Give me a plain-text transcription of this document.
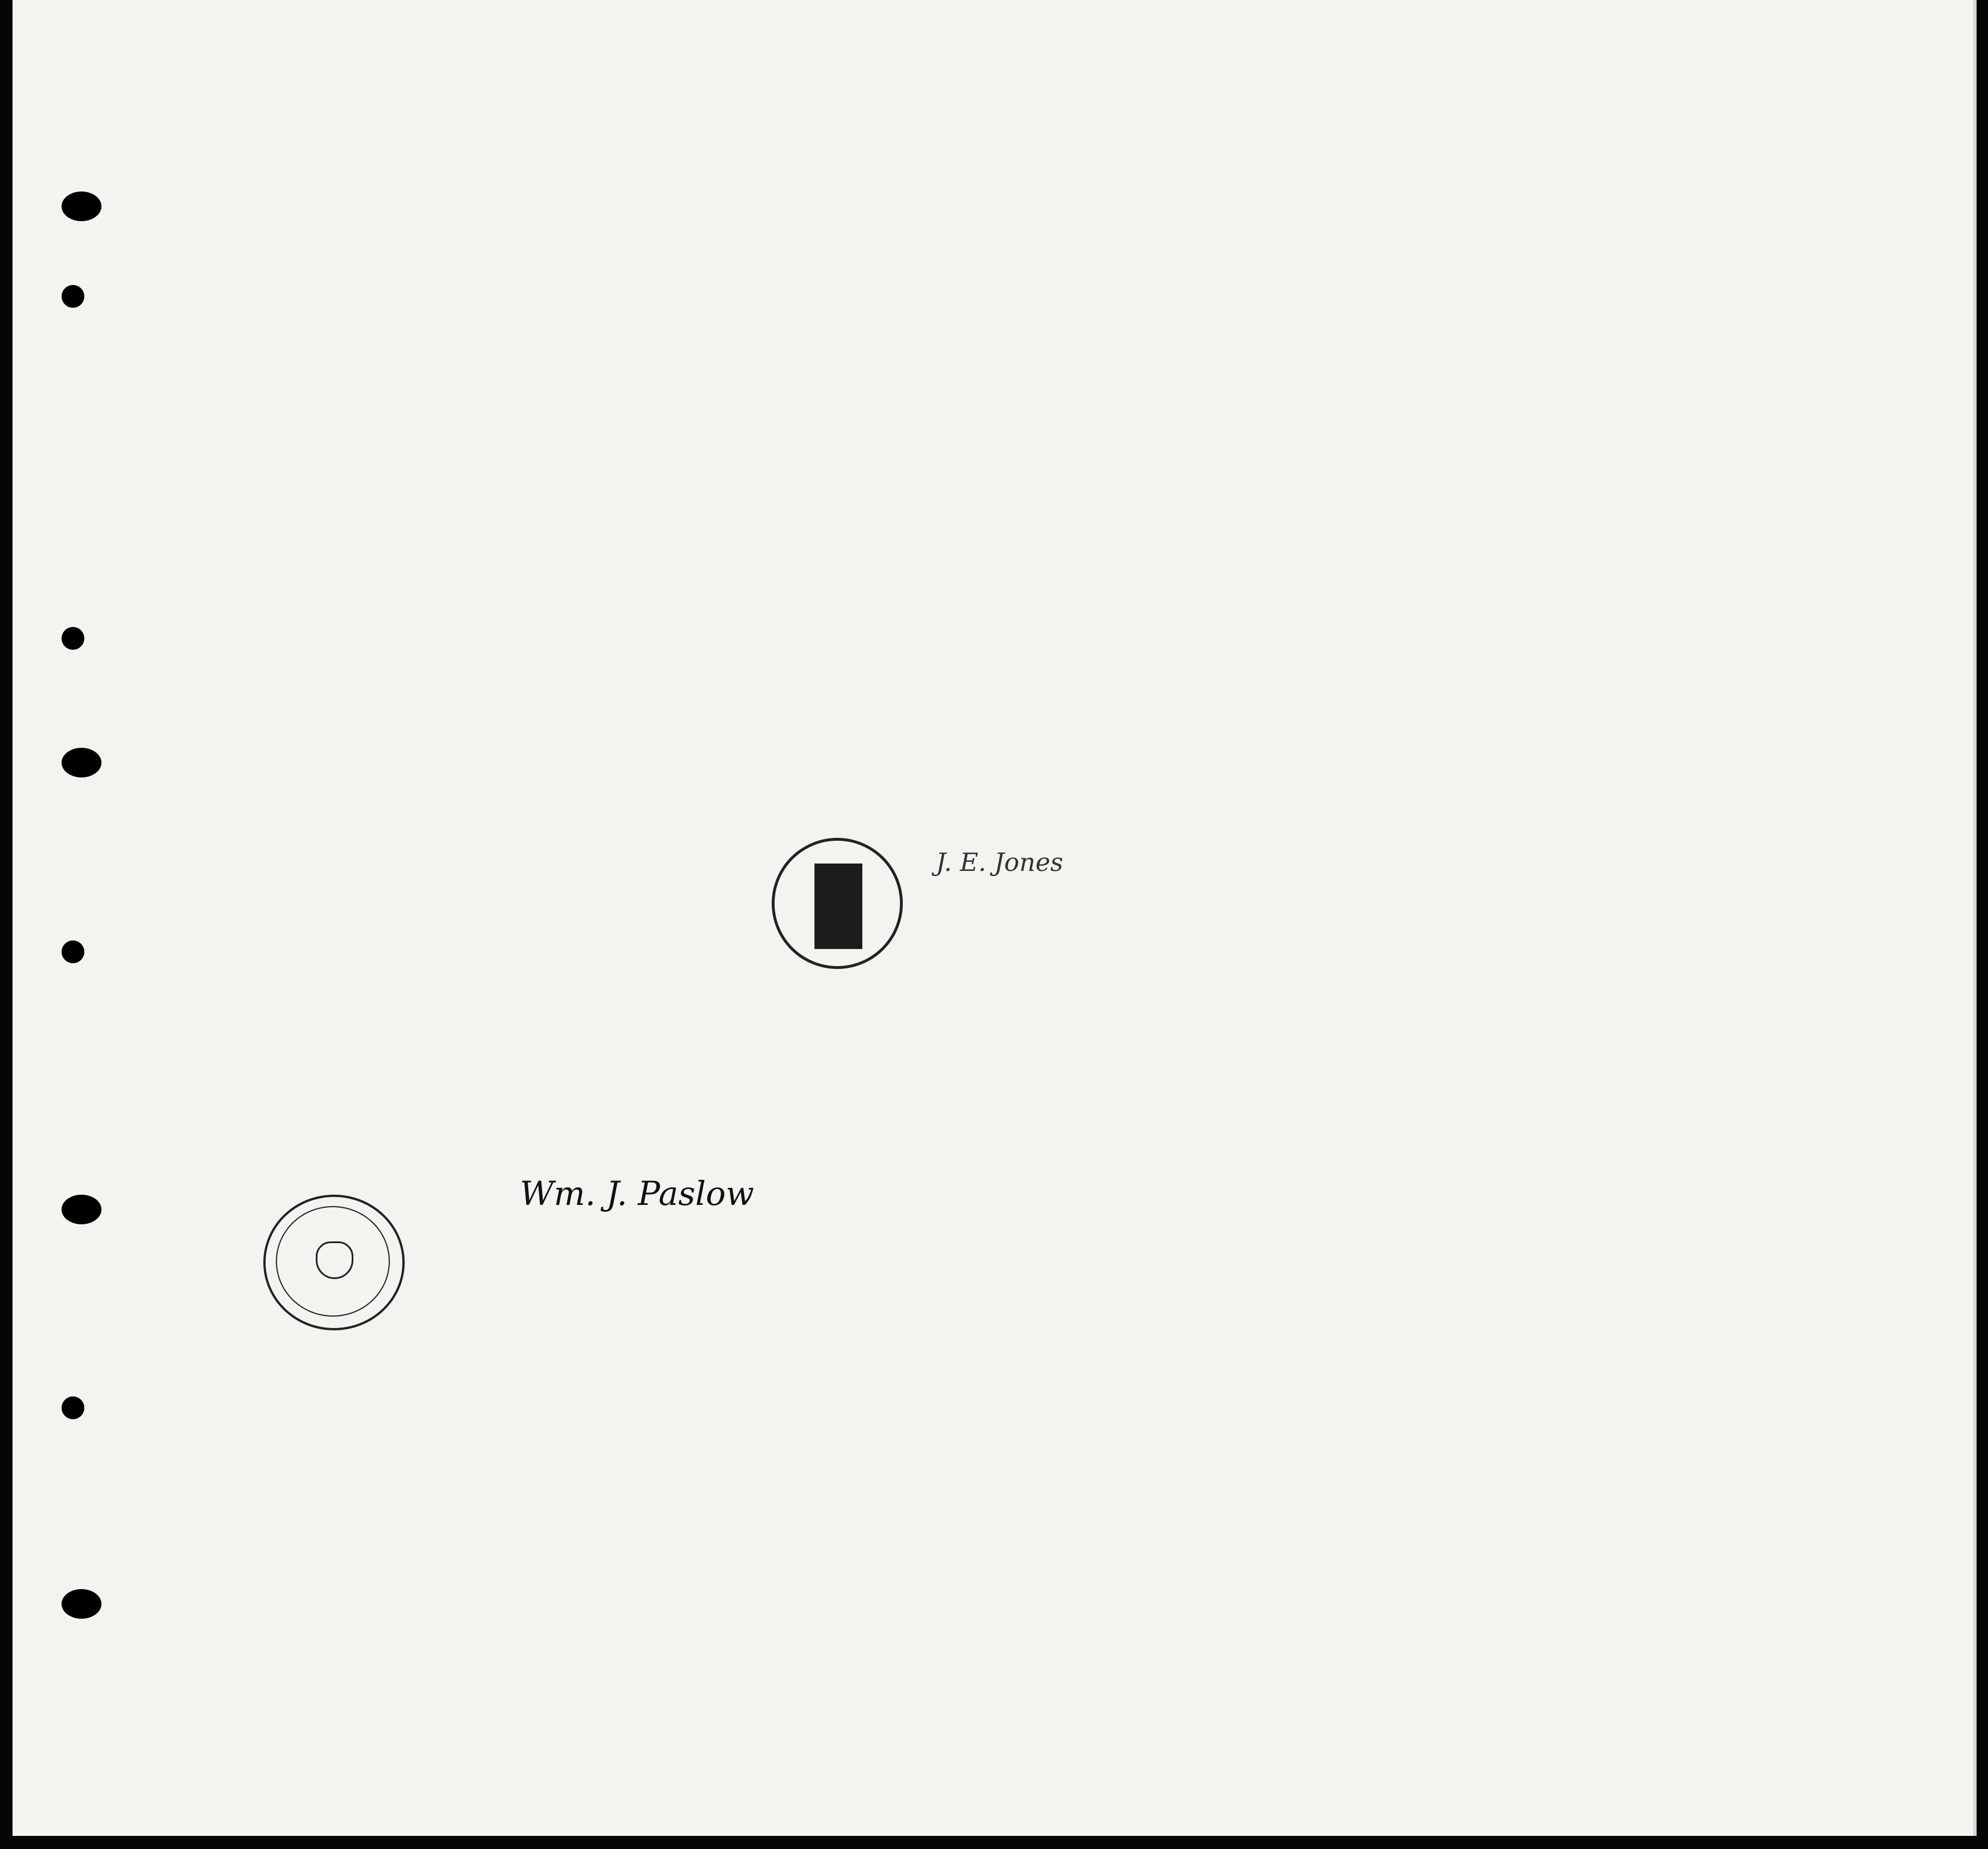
J. E. Jones
Wm. J. Paslow
